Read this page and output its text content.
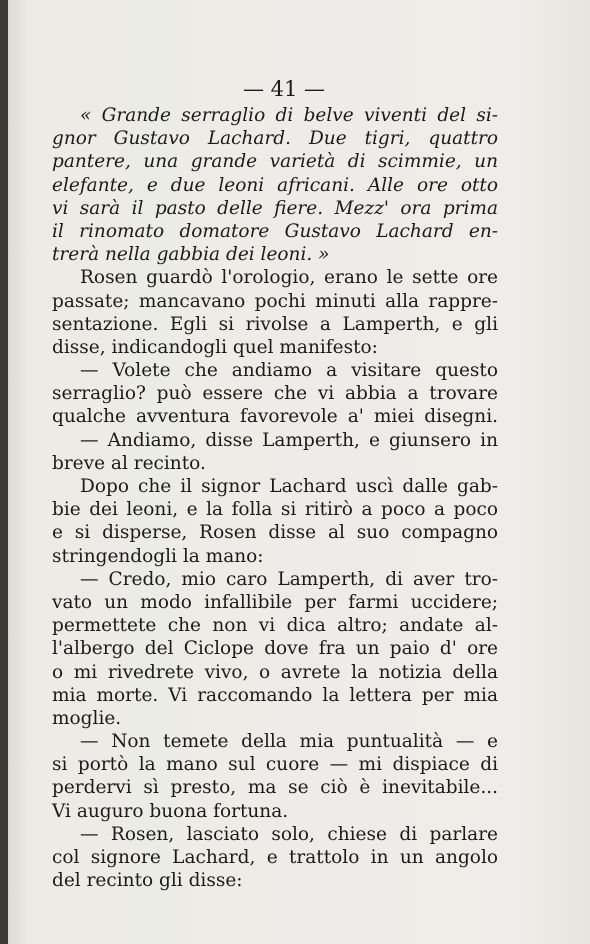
— 41 —
« Grande serraglio di belve viventi del si-
gnor Gustavo Lachard. Due tigri, quattro
pantere, una grande varietà di scimmie, un
elefante, e due leoni africani. Alle ore otto
vi sarà il pasto delle fiere. Mezz' ora prima
il rinomato domatore Gustavo Lachard en-
trerà nella gabbia dei leoni. »
Rosen guardò l'orologio, erano le sette ore
passate; mancavano pochi minuti alla rappre-
sentazione. Egli si rivolse a Lamperth, e gli
disse, indicandogli quel manifesto:
— Volete che andiamo a visitare questo
serraglio? può essere che vi abbia a trovare
qualche avventura favorevole a' miei disegni.
— Andiamo, disse Lamperth, e giunsero in
breve al recinto.
Dopo che il signor Lachard uscì dalle gab-
bie dei leoni, e la folla si ritirò a poco a poco
e si disperse, Rosen disse al suo compagno
stringendogli la mano:
— Credo, mio caro Lamperth, di aver tro-
vato un modo infallibile per farmi uccidere;
permettete che non vi dica altro; andate al-
l'albergo del Ciclope dove fra un paio d' ore
o mi rivedrete vivo, o avrete la notizia della
mia morte. Vi raccomando la lettera per mia
moglie.
— Non temete della mia puntualità — e
si portò la mano sul cuore — mi dispiace di
perdervi sì presto, ma se ciò è inevitabile...
Vi auguro buona fortuna.
— Rosen, lasciato solo, chiese di parlare
col signore Lachard, e trattolo in un angolo
del recinto gli disse:
